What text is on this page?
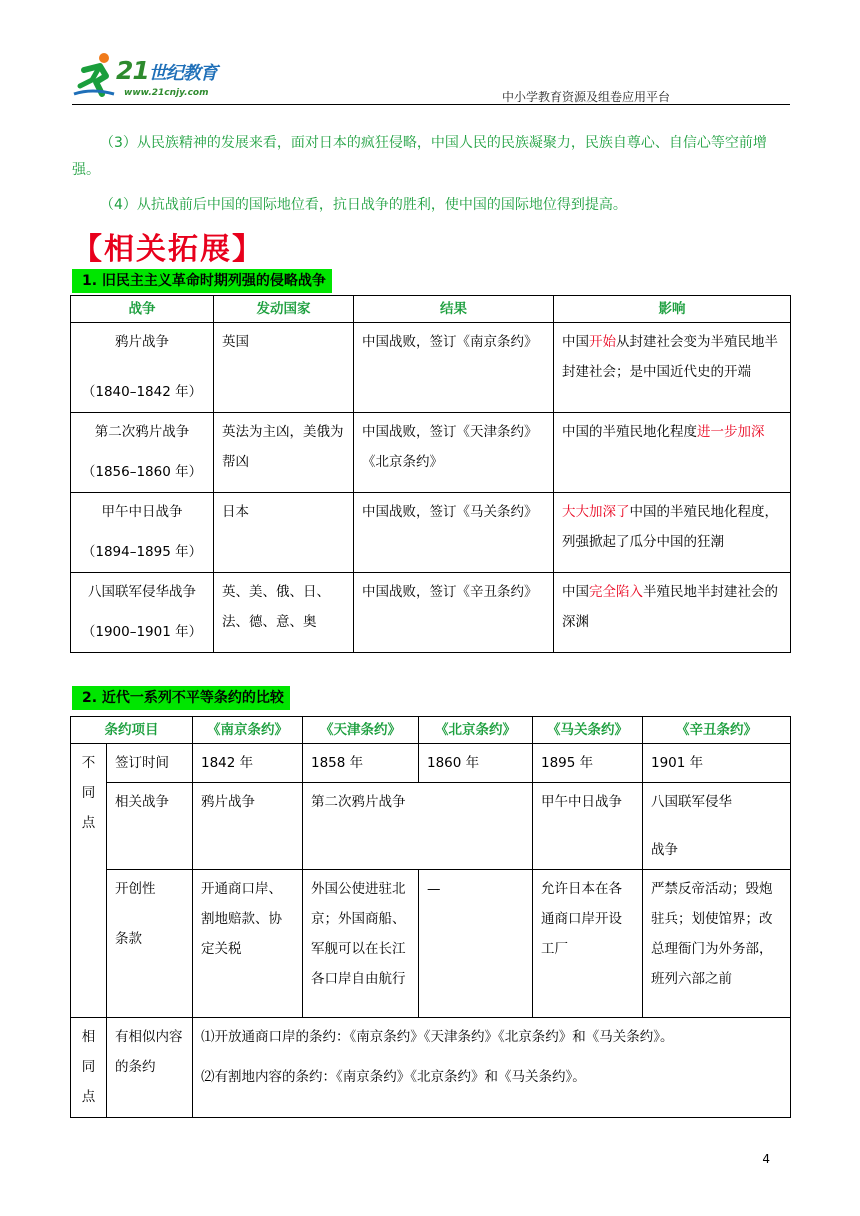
21世纪教育
www.21cnjy.com	中小学教育资源及组卷应用平台
（3）从民族精神的发展来看，面对日本的疯狂侵略，中国人民的民族凝聚力，民族自尊心、自信心等空前增强。
（4）从抗战前后中国的国际地位看，抗日战争的胜利，使中国的国际地位得到提高。
【相关拓展】
1. 旧民主主义革命时期列强的侵略战争
战争	发动国家	结果	影响

鸦片战争
（1840–1842 年）	英国	中国战败，签订《南京条约》	中国开始从封建社会变为半殖民地半封建社会；是中国近代史的开端

第二次鸦片战争
（1856–1860 年）	英法为主凶，美俄为帮凶	中国战败，签订《天津条约》《北京条约》	中国的半殖民地化程度进一步加深

甲午中日战争
（1894–1895 年）	日本	中国战败，签订《马关条约》	大大加深了中国的半殖民地化程度，列强掀起了瓜分中国的狂潮

八国联军侵华战争
（1900–1901 年）	英、美、俄、日、法、德、意、奥	中国战败，签订《辛丑条约》	中国完全陷入半殖民地半封建社会的深渊
2. 近代一系列不平等条约的比较
条约项目		《南京条约》	《天津条约》	《北京条约》	《马关条约》	《辛丑条约》

不同点	签订时间	1842 年	1858 年	1860 年	1895 年	1901 年
	相关战争	鸦片战争	第二次鸦片战争		甲午中日战争	八国联军侵华
战争

	开创性
条款	开通商口岸、割地赔款、协定关税	外国公使进驻北京；外国商船、军舰可以在长江各口岸自由航行	—	允许日本在各通商口岸开设工厂	严禁反帝活动；毁炮驻兵；划使馆界；改总理衙门为外务部，班列六部之前

相同点	有相似内容的条约	⑴开放通商口岸的条约：《南京条约》《天津条约》《北京条约》和《马关条约》。
⑵有割地内容的条约：《南京条约》《北京条约》和《马关条约》。				
4
